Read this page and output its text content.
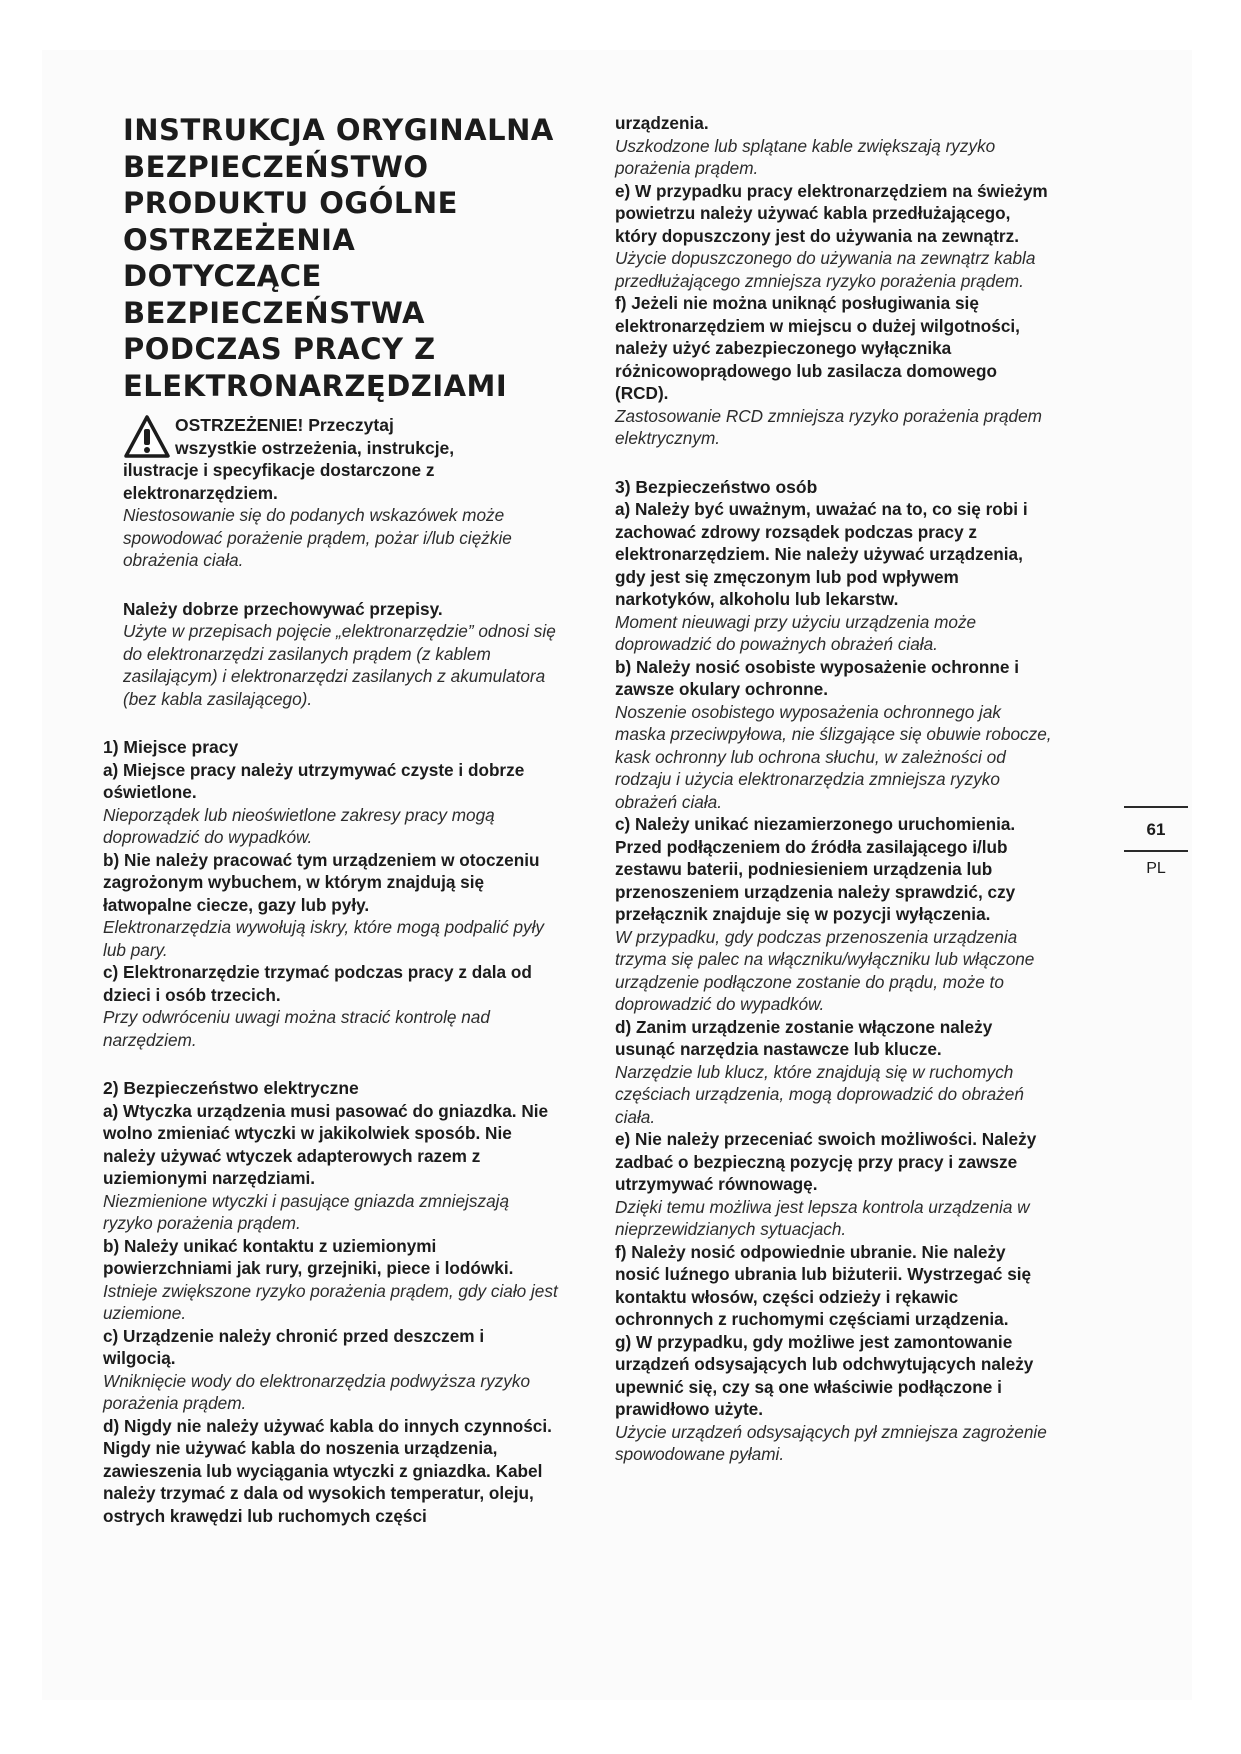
INSTRUKCJA ORYGINALNA BEZPIECZEŃSTWO PRODUKTU OGÓLNE OSTRZEŻENIA DOTYCZĄCE BEZPIECZEŃSTWA PODCZAS PRACY Z ELEKTRONARZĘDZIAMI
OSTRZEŻENIE! Przeczytaj
wszystkie ostrzeżenia, instrukcje,

ilustracje i specyfikacje dostarczone z elektronarzędziem.

Niestosowanie się do podanych wskazówek może spowodować porażenie prądem, pożar i/lub ciężkie obrażenia ciała.

Należy dobrze przechowywać przepisy.

Użyte w przepisach pojęcie „elektronarzędzie” odnosi się do elektronarzędzi zasilanych prądem (z kablem zasilającym) i elektronarzędzi zasilanych z akumulatora (bez kabla zasilającego).

1) Miejsce pracy

a) Miejsce pracy należy utrzymywać czyste i dobrze oświetlone.

Nieporządek lub nieoświetlone zakresy pracy mogą doprowadzić do wypadków.

b) Nie należy pracować tym urządzeniem w otoczeniu zagrożonym wybuchem, w którym znajdują się łatwopalne ciecze, gazy lub pyły.

Elektronarzędzia wywołują iskry, które mogą podpalić pyły lub pary.

c) Elektronarzędzie trzymać podczas pracy z dala od dzieci i osób trzecich.

Przy odwróceniu uwagi można stracić kontrolę nad narzędziem.

2) Bezpieczeństwo elektryczne

a) Wtyczka urządzenia musi pasować do gniazdka. Nie wolno zmieniać wtyczki w jakikolwiek sposób. Nie należy używać wtyczek adapterowych razem z uziemionymi narzędziami.

Niezmienione wtyczki i pasujące gniazda zmniejszają ryzyko porażenia prądem.

b) Należy unikać kontaktu z uziemionymi powierzchniami jak rury, grzejniki, piece i lodówki.

Istnieje zwiększone ryzyko porażenia prądem, gdy ciało jest uziemione.

c) Urządzenie należy chronić przed deszczem i wilgocią.

Wniknięcie wody do elektronarzędzia podwyższa ryzyko porażenia prądem.

d) Nigdy nie należy używać kabla do innych czynności. Nigdy nie używać kabla do noszenia urządzenia, zawieszenia lub wyciągania wtyczki z gniazdka. Kabel należy trzymać z dala od wysokich temperatur, oleju, ostrych krawędzi lub ruchomych części

urządzenia.

Uszkodzone lub splątane kable zwiększają ryzyko porażenia prądem.

e) W przypadku pracy elektronarzędziem na świeżym powietrzu należy używać kabla przedłużającego, który dopuszczony jest do używania na zewnątrz.

Użycie dopuszczonego do używania na zewnątrz kabla przedłużającego zmniejsza ryzyko porażenia prądem.

f) Jeżeli nie można uniknąć posługiwania się elektronarzędziem w miejscu o dużej wilgotności, należy użyć zabezpieczonego wyłącznika różnicowoprądowego lub zasilacza domowego (RCD).

Zastosowanie RCD zmniejsza ryzyko porażenia prądem elektrycznym.

3) Bezpieczeństwo osób

a) Należy być uważnym, uważać na to, co się robi i zachować zdrowy rozsądek podczas pracy z elektronarzędziem. Nie należy używać urządzenia, gdy jest się zmęczonym lub pod wpływem narkotyków, alkoholu lub lekarstw.

Moment nieuwagi przy użyciu urządzenia może doprowadzić do poważnych obrażeń ciała.

b) Należy nosić osobiste wyposażenie ochronne i zawsze okulary ochronne.

Noszenie osobistego wyposażenia ochronnego jak maska przeciwpyłowa, nie ślizgające się obuwie robocze, kask ochronny lub ochrona słuchu, w zależności od rodzaju i użycia elektronarzędzia zmniejsza ryzyko obrażeń ciała.

c) Należy unikać niezamierzonego uruchomienia. Przed podłączeniem do źródła zasilającego i/lub zestawu baterii, podniesieniem urządzenia lub przenoszeniem urządzenia należy sprawdzić, czy przełącznik znajduje się w pozycji wyłączenia.

W przypadku, gdy podczas przenoszenia urządzenia trzyma się palec na włączniku/wyłączniku lub włączone urządzenie podłączone zostanie do prądu, może to doprowadzić do wypadków.

d) Zanim urządzenie zostanie włączone należy usunąć narzędzia nastawcze lub klucze.

Narzędzie lub klucz, które znajdują się w ruchomych częściach urządzenia, mogą doprowadzić do obrażeń ciała.

e) Nie należy przeceniać swoich możliwości. Należy zadbać o bezpieczną pozycję przy pracy i zawsze utrzymywać równowagę.

Dzięki temu możliwa jest lepsza kontrola urządzenia w nieprzewidzianych sytuacjach.

f) Należy nosić odpowiednie ubranie. Nie należy nosić luźnego ubrania lub biżuterii. Wystrzegać się kontaktu włosów, części odzieży i rękawic ochronnych z ruchomymi częściami urządzenia.

g) W przypadku, gdy możliwe jest zamontowanie urządzeń odsysających lub odchwytujących należy upewnić się, czy są one właściwie podłączone i prawidłowo użyte.

Użycie urządzeń odsysających pył zmniejsza zagrożenie spowodowane pyłami.

61
PL
